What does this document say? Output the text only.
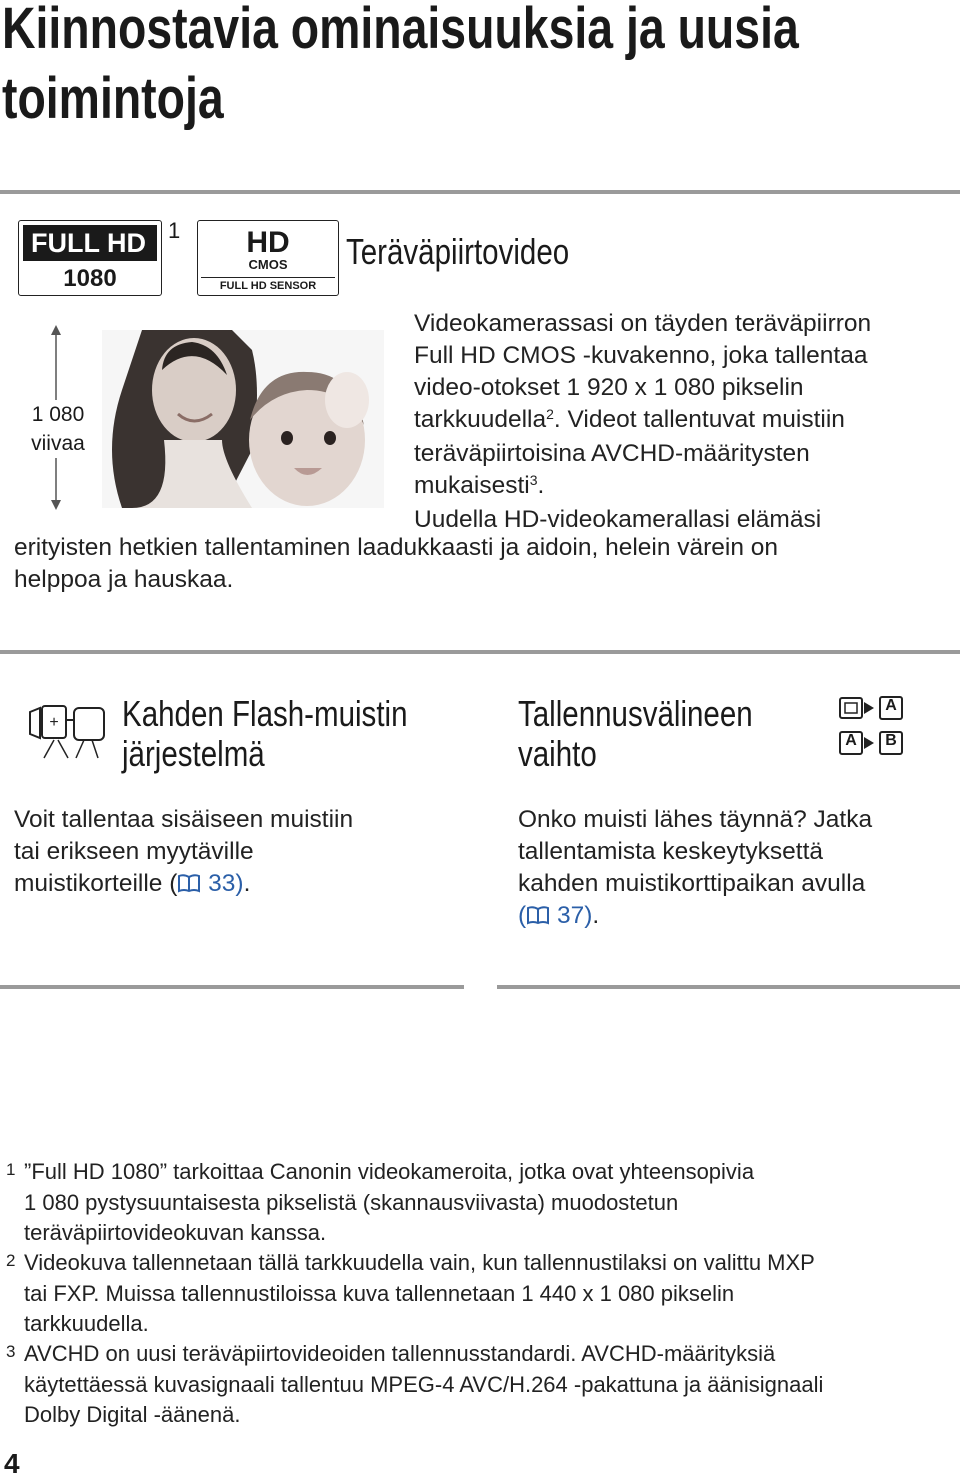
Kiinnostavia ominaisuuksia ja uusia
toimintoja
FULL HD
1080
1	HD
CMOS
FULL HD SENSOR
Teräväpiirtovideo
1 080
viivaa
Videokamerassasi on täyden teräväpiirron
Full HD CMOS -kuvakenno, joka tallentaa
video-otokset 1 920 x 1 080 pikselin
tarkkuudella$^2$. Videot tallentuvat muistiin
teräväpiirtoisina AVCHD-määritysten
mukaisesti$^3$.
Uudella HD-videokamerallasi elämäsi
erityisten hetkien tallentaminen laadukkaasti ja aidoin, helein värein on
helppoa ja hauskaa.
+ Kahden Flash-muistin
järjestelmä
Voit tallentaa sisäiseen muistiin
tai erikseen myytäville
muistikorteille ( 33).
Tallennusvälineen
vaihto
A
A	B
Onko muisti lähes täynnä? Jatka
tallentamista keskeytyksettä
kahden muistikorttipaikan avulla
( 37).
1 ”Full HD 1080” tarkoittaa Canonin videokameroita, jotka ovat yhteensopivia
1 080 pystysuuntaisesta pikselistä (skannausviivasta) muodostetun
teräväpiirtovideokuvan kanssa.
2 Videokuva tallennetaan tällä tarkkuudella vain, kun tallennustilaksi on valittu MXP
tai FXP. Muissa tallennustiloissa kuva tallennetaan 1 440 x 1 080 pikselin
tarkkuudella.
3 AVCHD on uusi teräväpiirtovideoiden tallennusstandardi. AVCHD-määrityksiä
käytettäessä kuvasignaali tallentuu MPEG-4 AVC/H.264 -pakattuna ja äänisignaali
Dolby Digital -äänenä.
4
